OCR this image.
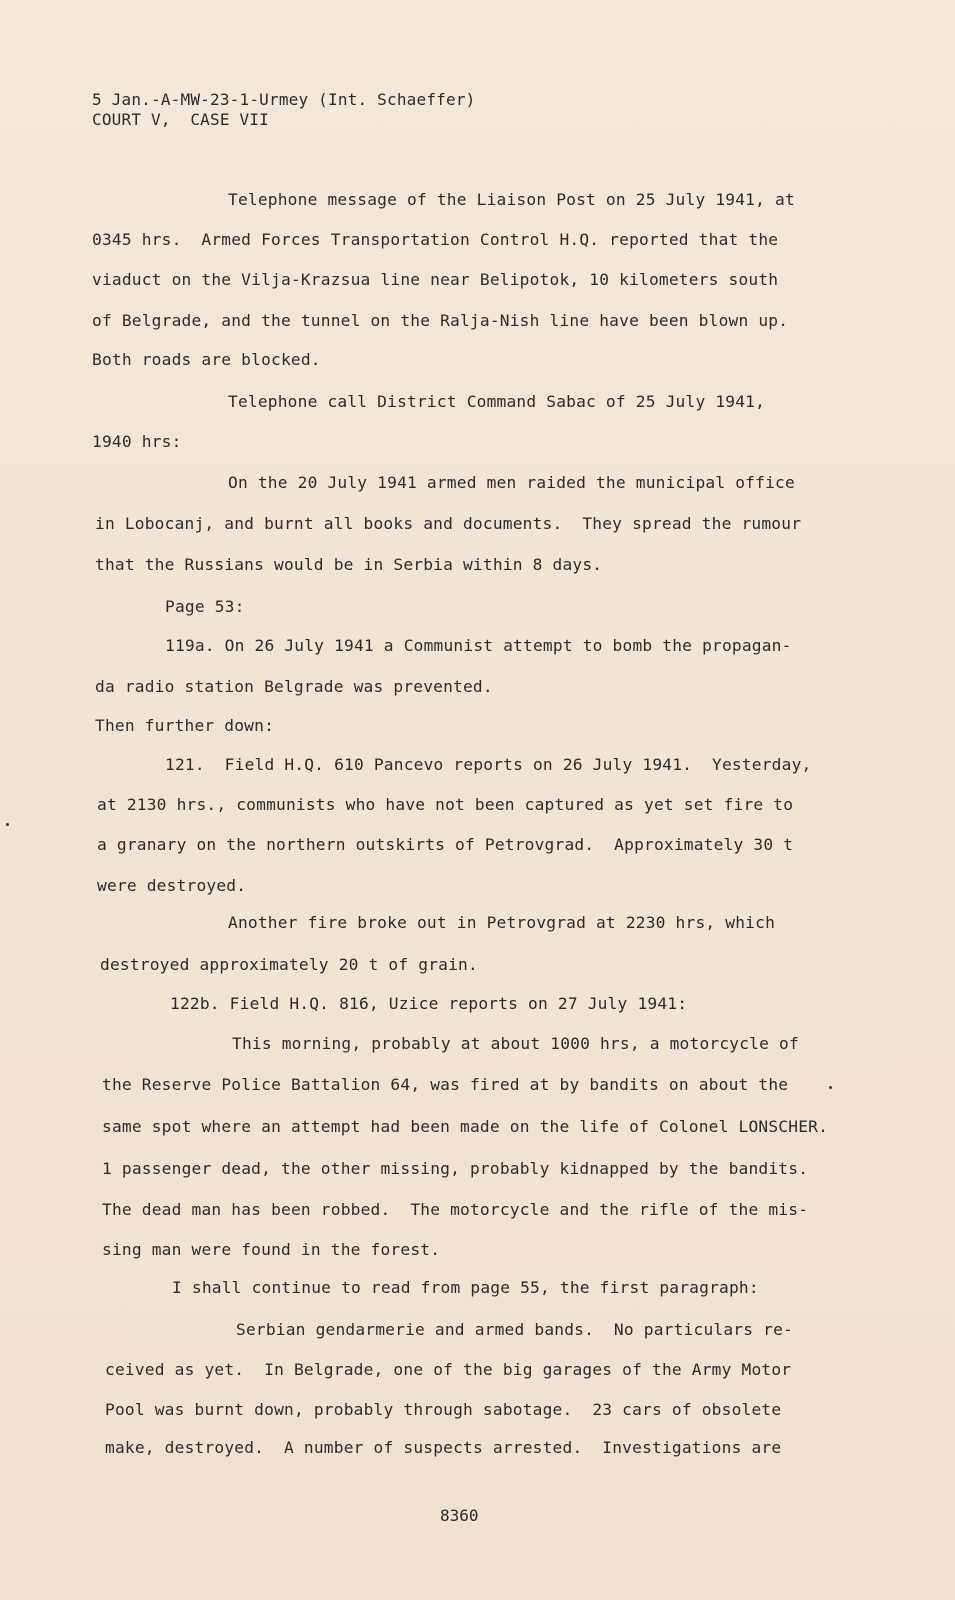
5 Jan.-A-MW-23-1-Urmey (Int. Schaeffer)
COURT V,  CASE VII
Telephone message of the Liaison Post on 25 July 1941, at
0345 hrs.  Armed Forces Transportation Control H.Q. reported that the
viaduct on the Vilja-Krazsua line near Belipotok, 10 kilometers south
of Belgrade, and the tunnel on the Ralja-Nish line have been blown up.
Both roads are blocked.
Telephone call District Command Sabac of 25 July 1941,
1940 hrs:
On the 20 July 1941 armed men raided the municipal office
in Lobocanj, and burnt all books and documents.  They spread the rumour
that the Russians would be in Serbia within 8 days.
Page 53:
119a. On 26 July 1941 a Communist attempt to bomb the propagan-
da radio station Belgrade was prevented.
Then further down:
121.  Field H.Q. 610 Pancevo reports on 26 July 1941.  Yesterday,
at 2130 hrs., communists who have not been captured as yet set fire to
a granary on the northern outskirts of Petrovgrad.  Approximately 30 t
were destroyed.
Another fire broke out in Petrovgrad at 2230 hrs, which
destroyed approximately 20 t of grain.
122b. Field H.Q. 816, Uzice reports on 27 July 1941:
This morning, probably at about 1000 hrs, a motorcycle of
the Reserve Police Battalion 64, was fired at by bandits on about the
same spot where an attempt had been made on the life of Colonel LONSCHER.
1 passenger dead, the other missing, probably kidnapped by the bandits.
The dead man has been robbed.  The motorcycle and the rifle of the mis-
sing man were found in the forest.
I shall continue to read from page 55, the first paragraph:
Serbian gendarmerie and armed bands.  No particulars re-
ceived as yet.  In Belgrade, one of the big garages of the Army Motor
Pool was burnt down, probably through sabotage.  23 cars of obsolete
make, destroyed.  A number of suspects arrested.  Investigations are
8360
